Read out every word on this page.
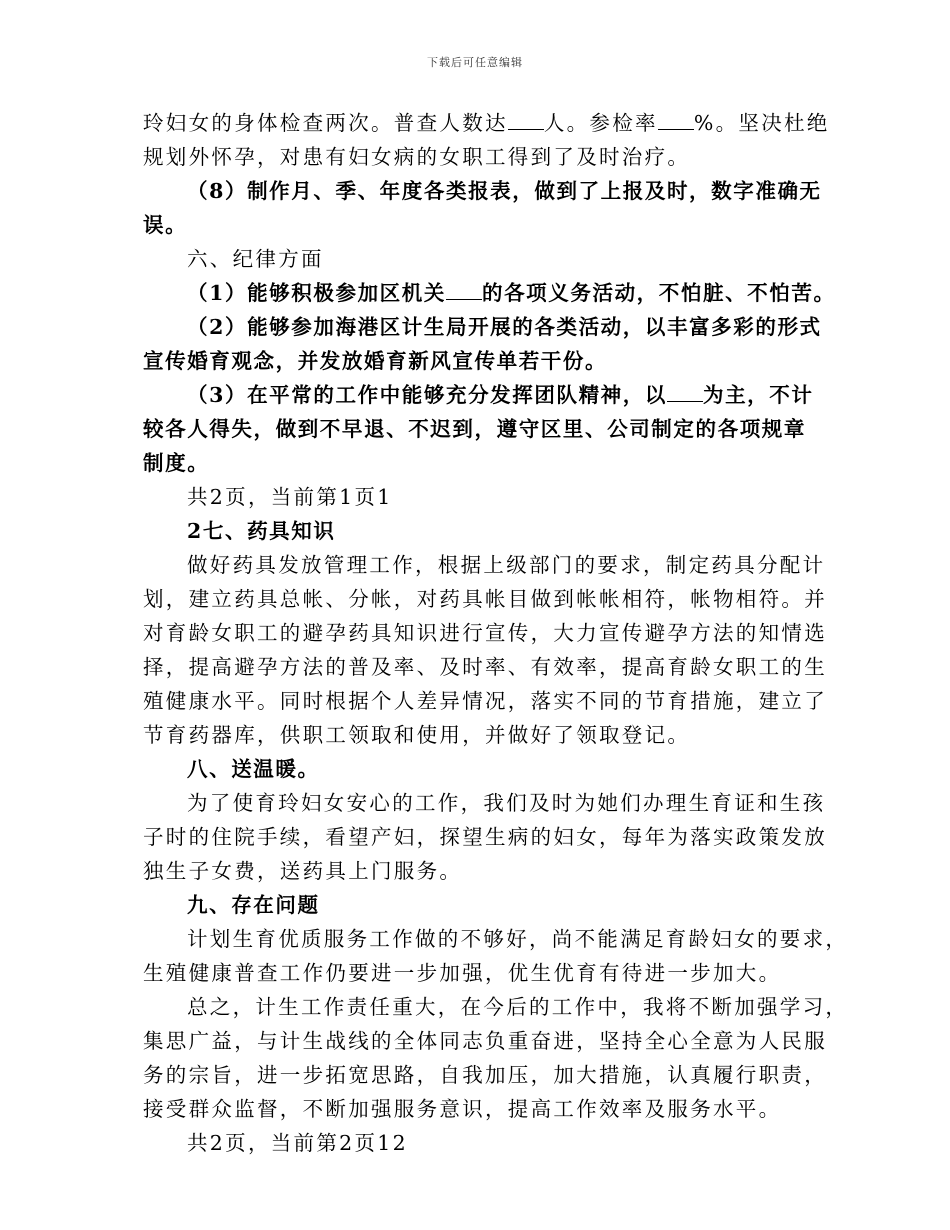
下载后可任意编辑
玲妇女的身体检查两次。普查人数达 人。参检率 %。坚决杜绝
规划外怀孕，对患有妇女病的女职工得到了及时治疗。
（8）制作月、季、年度各类报表，做到了上报及时，数字准确无
误。
六、纪律方面
（1）能够积极参加区机关 的各项义务活动，不怕脏、不怕苦。
（2）能够参加海港区计生局开展的各类活动，以丰富多彩的形式
宣传婚育观念，并发放婚育新风宣传单若干份。
（3）在平常的工作中能够充分发挥团队精神，以 为主，不计
较各人得失，做到不早退、不迟到，遵守区里、公司制定的各项规章
制度。
共2页，当前第1页1
2七、药具知识
做好药具发放管理工作，根据上级部门的要求，制定药具分配计
划，建立药具总帐、分帐，对药具帐目做到帐帐相符，帐物相符。并
对育龄女职工的避孕药具知识进行宣传，大力宣传避孕方法的知情选
择，提高避孕方法的普及率、及时率、有效率，提高育龄女职工的生
殖健康水平。同时根据个人差异情况，落实不同的节育措施，建立了
节育药器库，供职工领取和使用，并做好了领取登记。
八、送温暖。
为了使育玲妇女安心的工作，我们及时为她们办理生育证和生孩
子时的住院手续，看望产妇，探望生病的妇女，每年为落实政策发放
独生子女费，送药具上门服务。
九、存在问题
计划生育优质服务工作做的不够好，尚不能满足育龄妇女的要求，
生殖健康普查工作仍要进一步加强，优生优育有待进一步加大。
总之，计生工作责任重大，在今后的工作中，我将不断加强学习，
集思广益，与计生战线的全体同志负重奋进，坚持全心全意为人民服
务的宗旨，进一步拓宽思路，自我加压，加大措施，认真履行职责，
接受群众监督，不断加强服务意识，提高工作效率及服务水平。
共2页，当前第2页12
